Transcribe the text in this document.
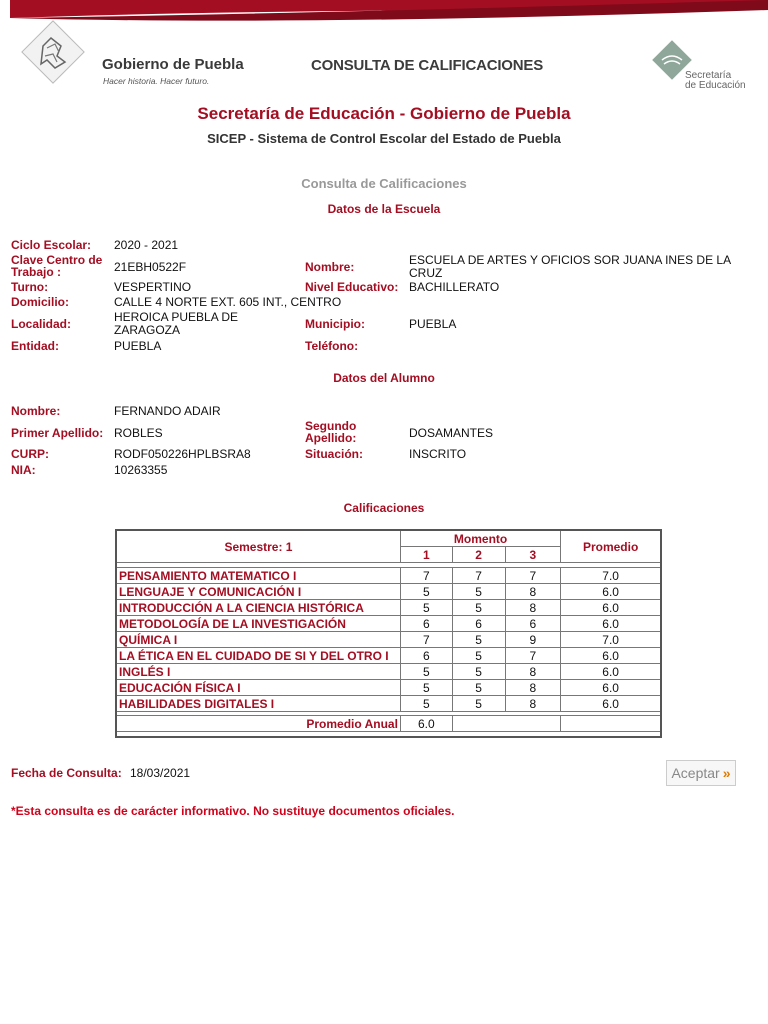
Gobierno de Puebla
Hacer historia. Hacer futuro.
CONSULTA DE CALIFICACIONES
Secretaría
de Educación
Secretaría de Educación - Gobierno de Puebla
SICEP - Sistema de Control Escolar del Estado de Puebla
Consulta de Calificaciones
Datos de la Escuela
Ciclo Escolar: 2020 - 2021
Clave Centro de
Trabajo :	21EBH0522F	Nombre:	ESCUELA DE ARTES Y OFICIOS SOR JUANA INES DE LA
CRUZ
Turno:	VESPERTINO	Nivel Educativo: BACHILLERATO
Domicilio:	CALLE 4 NORTE EXT. 605 INT., CENTRO
Localidad:	HEROICA PUEBLA DE
ZARAGOZA	Municipio:	PUEBLA
Entidad:	PUEBLA	Teléfono:
Datos del Alumno
Nombre:	FERNANDO ADAIR
Primer Apellido: ROBLES	Segundo
Apellido:	DOSAMANTES
CURP:	RODF050226HPLBSRA8	Situación:	INSCRITO
NIA:	10263355
Calificaciones
Semestre: 1	Momento			Promedio
	1	2	3	

PENSAMIENTO MATEMATICO I	7	7	7	7.0
LENGUAJE Y COMUNICACIÓN I	5	5	8	6.0
INTRODUCCIÓN A LA CIENCIA HISTÓRICA	5	5	8	6.0
METODOLOGÍA DE LA INVESTIGACIÓN	6	6	6	6.0
QUÍMICA I	7	5	9	7.0
LA ÉTICA EN EL CUIDADO DE SI Y DEL OTRO I	6	5	7	6.0
INGLÉS I	5	5	8	6.0
EDUCACIÓN FÍSICA I	5	5	8	6.0
HABILIDADES DIGITALES I	5	5	8	6.0

Promedio Anual	6.0			
Fecha de Consulta: 18/03/2021	Aceptar »
*Esta consulta es de carácter informativo. No sustituye documentos oficiales.
